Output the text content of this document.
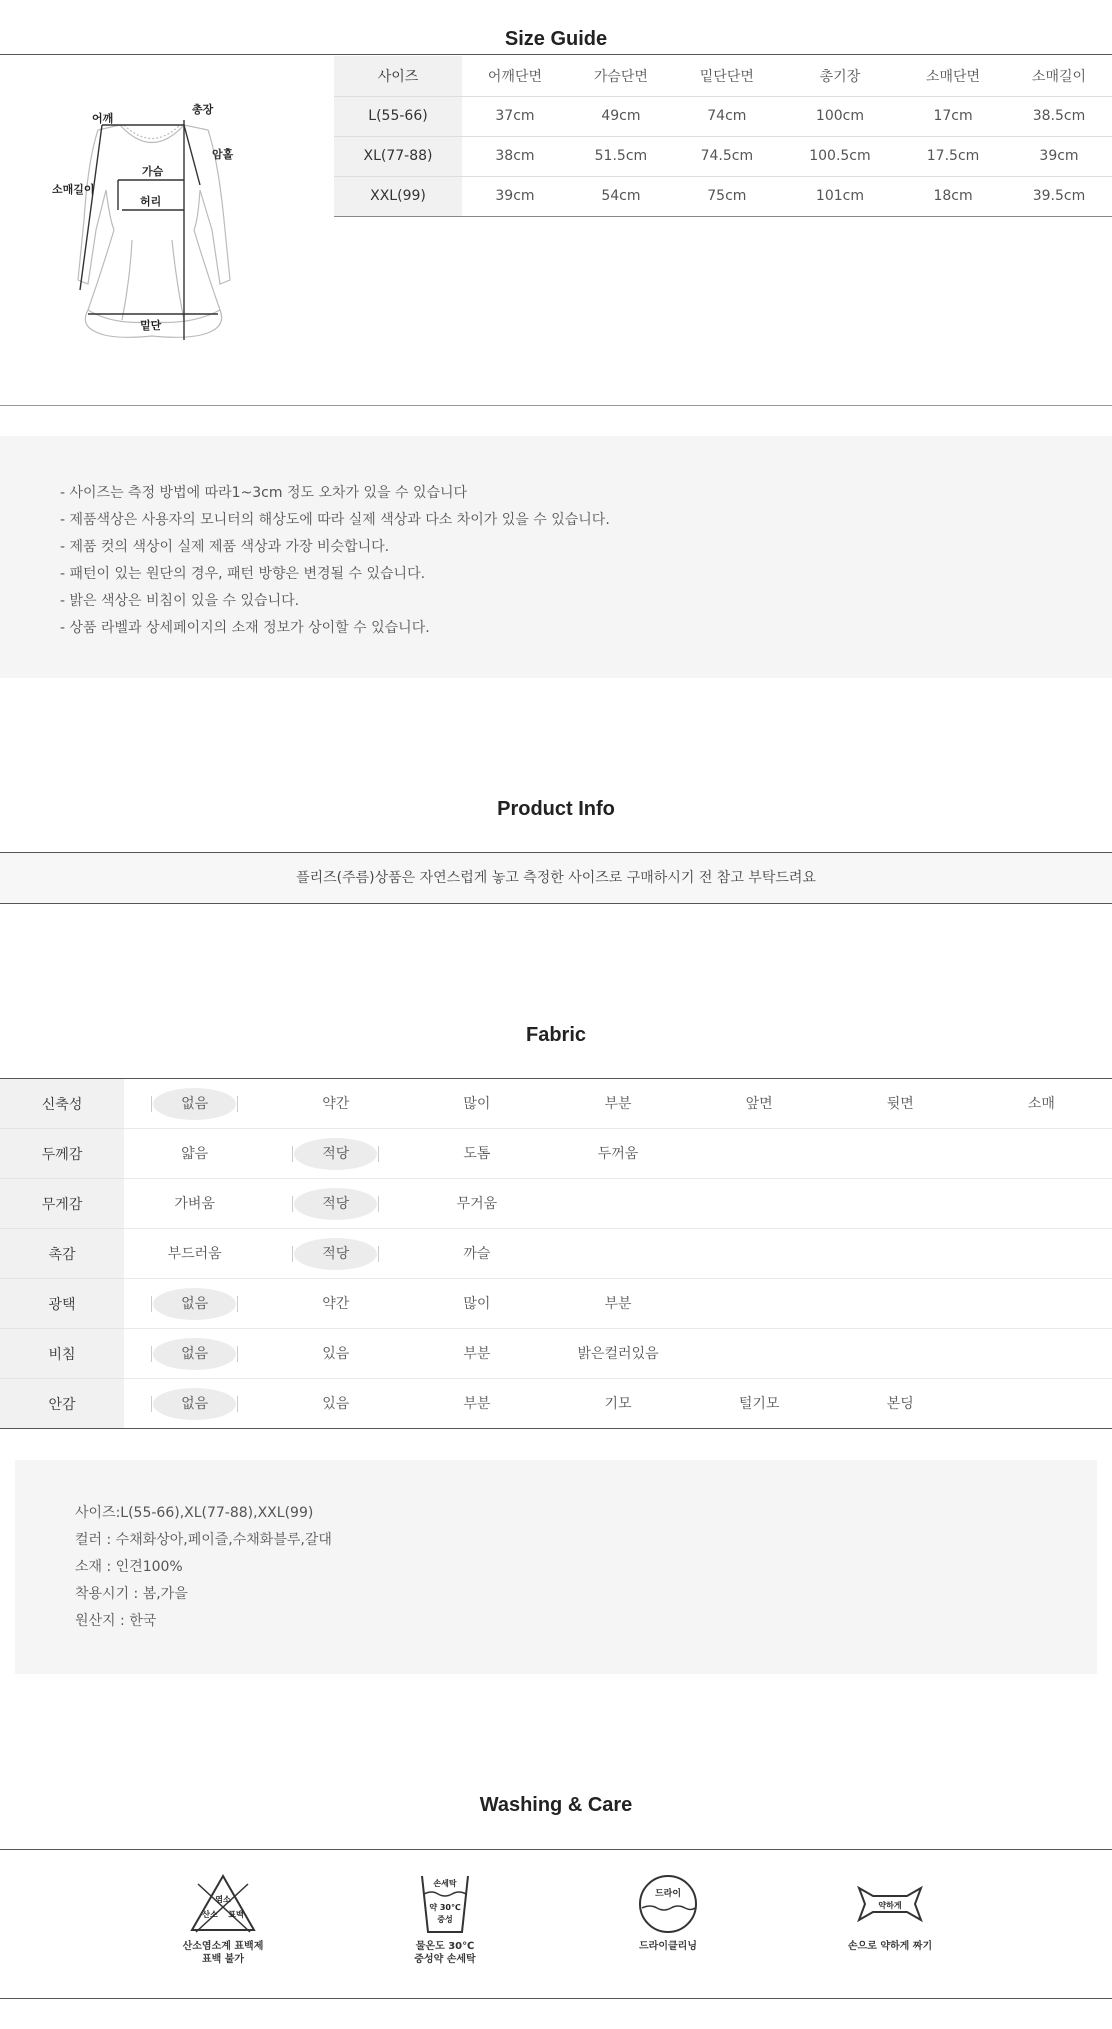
Size Guide
어깨
총장
암홀
소매길이
가슴
허리
밑단
사이즈	어깨단면	가슴단면	밑단단면	총기장	소매단면	소매길이
L(55-66)	37cm	49cm	74cm	100cm	17cm	38.5cm
XL(77-88)	38cm	51.5cm	74.5cm	100.5cm	17.5cm	39cm
XXL(99)	39cm	54cm	75cm	101cm	18cm	39.5cm
- 사이즈는 측정 방법에 따라1~3cm 정도 오차가 있을 수 있습니다
- 제품색상은 사용자의 모니터의 해상도에 따라 실제 색상과 다소 차이가 있을 수 있습니다.
- 제품 컷의 색상이 실제 제품 색상과 가장 비슷합니다.
- 패턴이 있는 원단의 경우, 패턴 방향은 변경될 수 있습니다.
- 밝은 색상은 비침이 있을 수 있습니다.
- 상품 라벨과 상세페이지의 소재 정보가 상이할 수 있습니다.
Product Info
플리즈(주름)상품은 자연스럽게 놓고 측정한 사이즈로 구매하시기 전 참고 부탁드려요
Fabric
신축성	없음	약간	많이	부분	앞면	뒷면	소매
두께감	얇음	적당	도톰	두꺼움			
무게감	가벼움	적당	무거움				
촉감	부드러움	적당	까슬				
광택	없음	약간	많이	부분			
비침	없음	있음	부분	밝은컬러있음			
안감	없음	있음	부분	기모	털기모	본딩	
사이즈:L(55-66),XL(77-88),XXL(99)
컬러 : 수채화상아,페이즐,수채화블루,갈대
소재 : 인견100%
착용시기 : 봄,가을
원산지 : 한국
Washing & Care
염소
산소 표백
산소염소계 표백제
표백 불가
손세탁
약 30℃
중성
물온도 30℃
중성약 손세탁
드라이
드라이클리닝
약하게
손으로 약하게 짜기
